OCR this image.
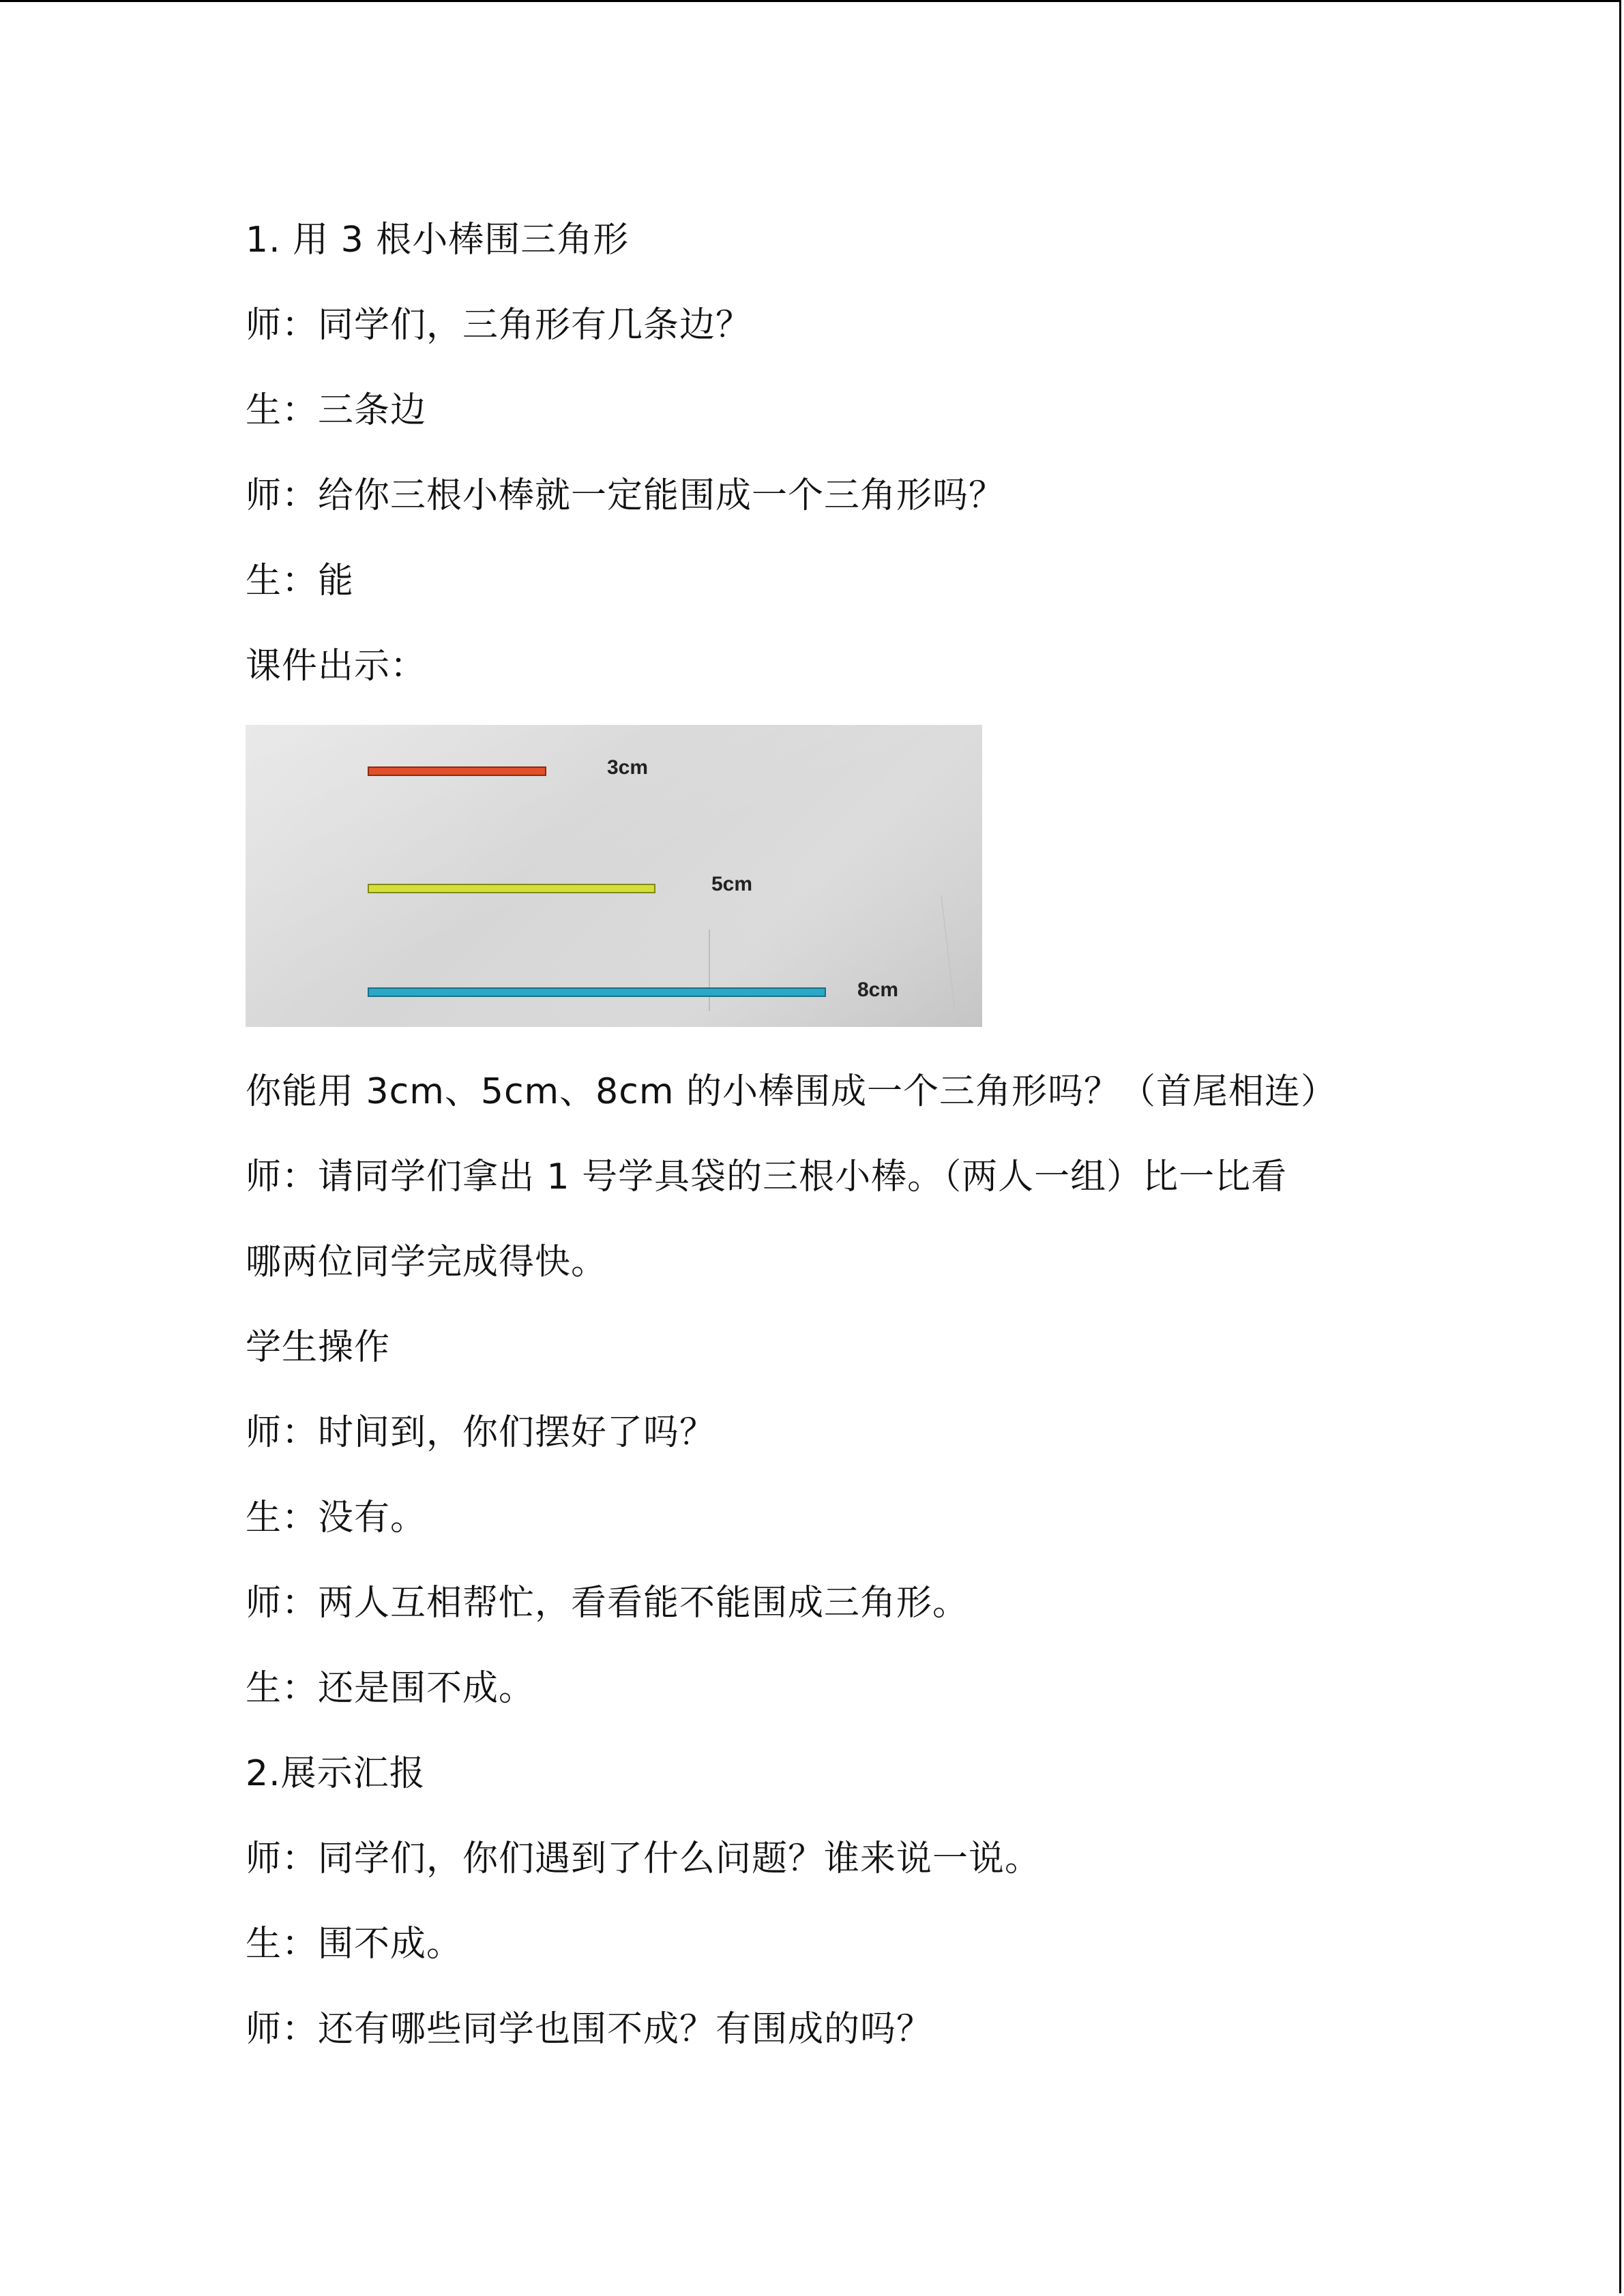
1. 用 3 根小棒围三角形
师：同学们，三角形有几条边？
生：三条边
师：给你三根小棒就一定能围成一个三角形吗？
生：能
课件出示：
3cm
5cm
8cm
你能用 3cm、5cm、8cm 的小棒围成一个三角形吗？（首尾相连）
师：请同学们拿出 1 号学具袋的三根小棒。（两人一组）比一比看
哪两位同学完成得快。
学生操作
师：时间到，你们摆好了吗？
生：没有。
师：两人互相帮忙，看看能不能围成三角形。
生：还是围不成。
2.展示汇报
师：同学们，你们遇到了什么问题？谁来说一说。
生：围不成。
师：还有哪些同学也围不成？有围成的吗？
